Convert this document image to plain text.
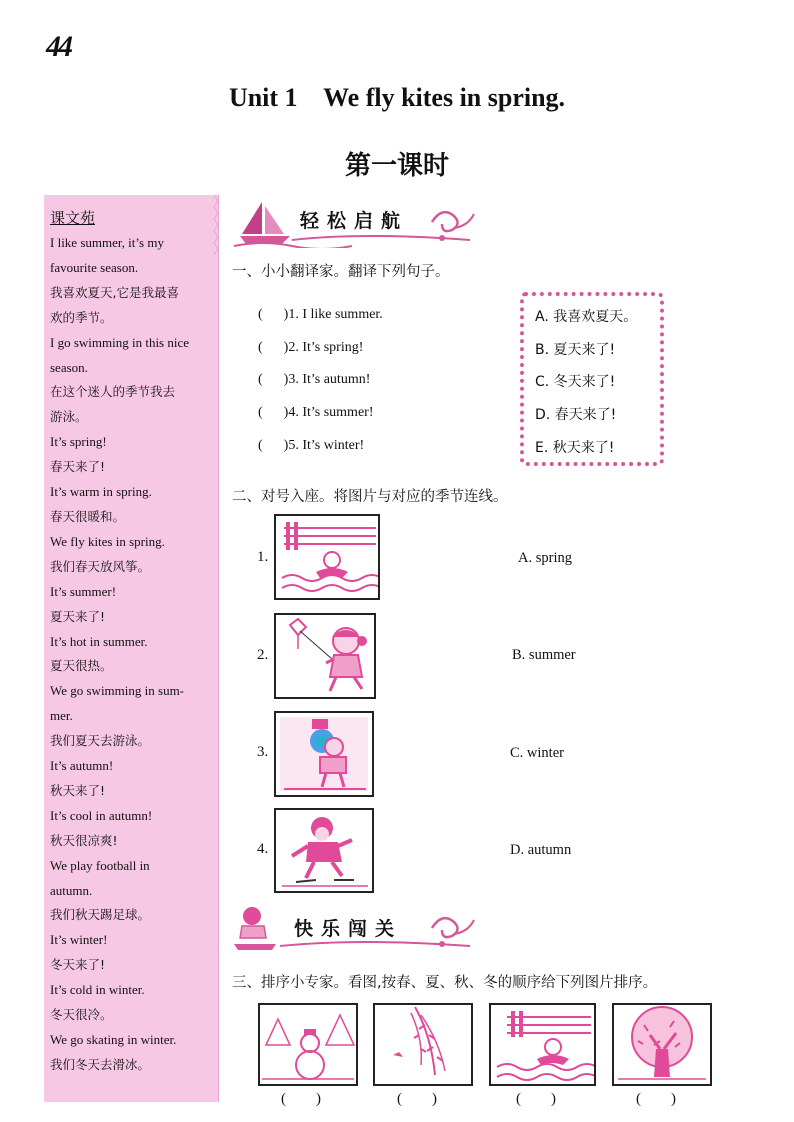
44
Unit 1    We fly kites in spring.
第一课时
课文苑
I like summer, it’s my
favourite season.
我喜欢夏天,它是我最喜
欢的季节。
I go swimming in this nice
season.
在这个迷人的季节我去
游泳。
It’s spring!
春天来了!
It’s warm in spring.
春天很暖和。
We fly kites in spring.
我们春天放风筝。
It’s summer!
夏天来了!
It’s hot in summer.
夏天很热。
We go swimming in sum-
mer.
我们夏天去游泳。
It’s autumn!
秋天来了!
It’s cool in autumn!
秋天很凉爽!
We play football in
autumn.
我们秋天踢足球。
It’s winter!
冬天来了!
It’s cold in winter.
冬天很冷。
We go skating in winter.
我们冬天去滑冰。
轻松启航
一、小小翻译家。翻译下列句子。
(      )1. I like summer.
(      )2. It’s spring!
(      )3. It’s autumn!
(      )4. It’s summer!
(      )5. It’s winter!
A. 我喜欢夏天。
B. 夏天来了!
C. 冬天来了!
D. 春天来了!
E. 秋天来了!
二、对号入座。将图片与对应的季节连线。
1.
2.
3.
4.
A. spring
B. summer
C. winter
D. autumn
快乐闯关
三、排序小专家。看图,按春、夏、秋、冬的顺序给下列图片排序。
(        )	(        )	(        )	(        )
